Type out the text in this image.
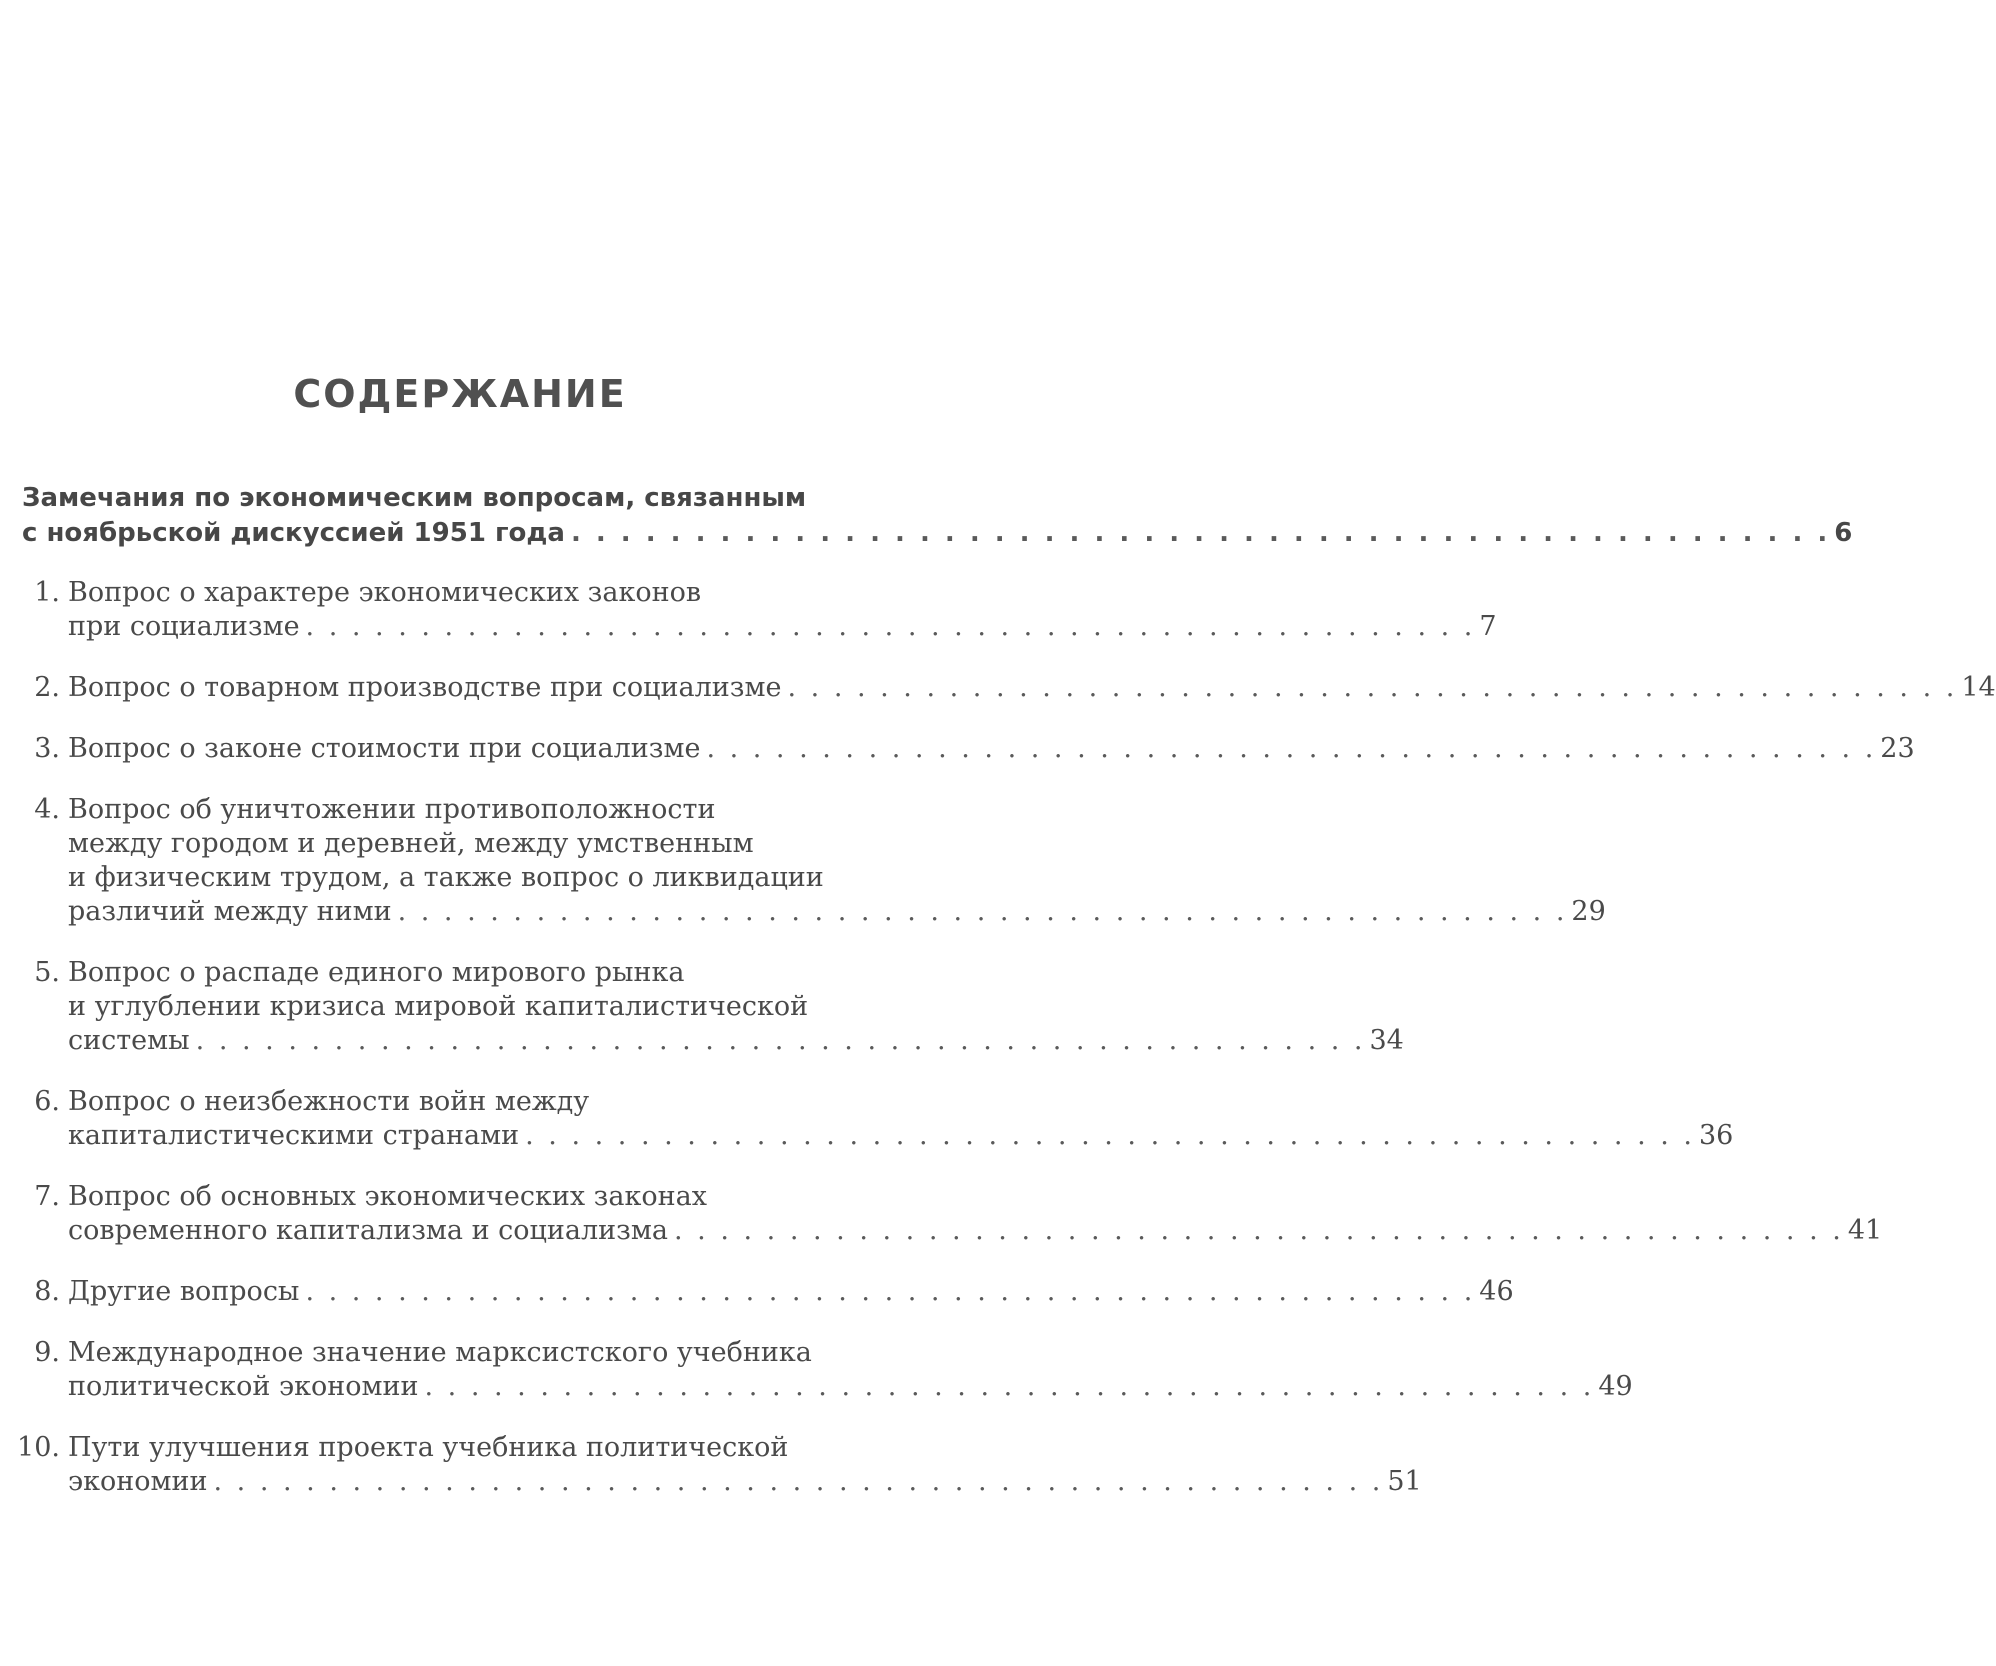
СОДЕРЖАНИЕ
Замечания по экономическим вопросам, связанным
с ноябрьской дискуссией 1951 года . . . . . . . . . . . . . . . . . . . . . . . . . . . . . . . . . . . . . . . . . . . . . . . . . . . 6
1. Вопрос о характере экономических законов
при социализме . . . . . . . . . . . . . . . . . . . . . . . . . . . . . . . . . . . . . . . . . . . . . . . . . . . 7
2. Вопрос о товарном производстве при социализме . . . . . . . . . . . . . . . . . . . . . . . . . . . . . . . . . . . . . . . . . . . . . . . . . . . 14
3. Вопрос о законе стоимости при социализме . . . . . . . . . . . . . . . . . . . . . . . . . . . . . . . . . . . . . . . . . . . . . . . . . . . 23
4. Вопрос об уничтожении противоположности
между городом и деревней, между умственным
и физическим трудом, а также вопрос о ликвидации
различий между ними . . . . . . . . . . . . . . . . . . . . . . . . . . . . . . . . . . . . . . . . . . . . . . . . . . . 29
5. Вопрос о распаде единого мирового рынка
и углублении кризиса мировой капиталистической
системы . . . . . . . . . . . . . . . . . . . . . . . . . . . . . . . . . . . . . . . . . . . . . . . . . . . 34
6. Вопрос о неизбежности войн между
капиталистическими странами . . . . . . . . . . . . . . . . . . . . . . . . . . . . . . . . . . . . . . . . . . . . . . . . . . . 36
7. Вопрос об основных экономических законах
современного капитализма и социализма . . . . . . . . . . . . . . . . . . . . . . . . . . . . . . . . . . . . . . . . . . . . . . . . . . . 41
8. Другие вопросы . . . . . . . . . . . . . . . . . . . . . . . . . . . . . . . . . . . . . . . . . . . . . . . . . . . 46
9. Международное значение марксистского учебника
политической экономии . . . . . . . . . . . . . . . . . . . . . . . . . . . . . . . . . . . . . . . . . . . . . . . . . . . 49
10. Пути улучшения проекта учебника политической
экономии . . . . . . . . . . . . . . . . . . . . . . . . . . . . . . . . . . . . . . . . . . . . . . . . . . . 51
